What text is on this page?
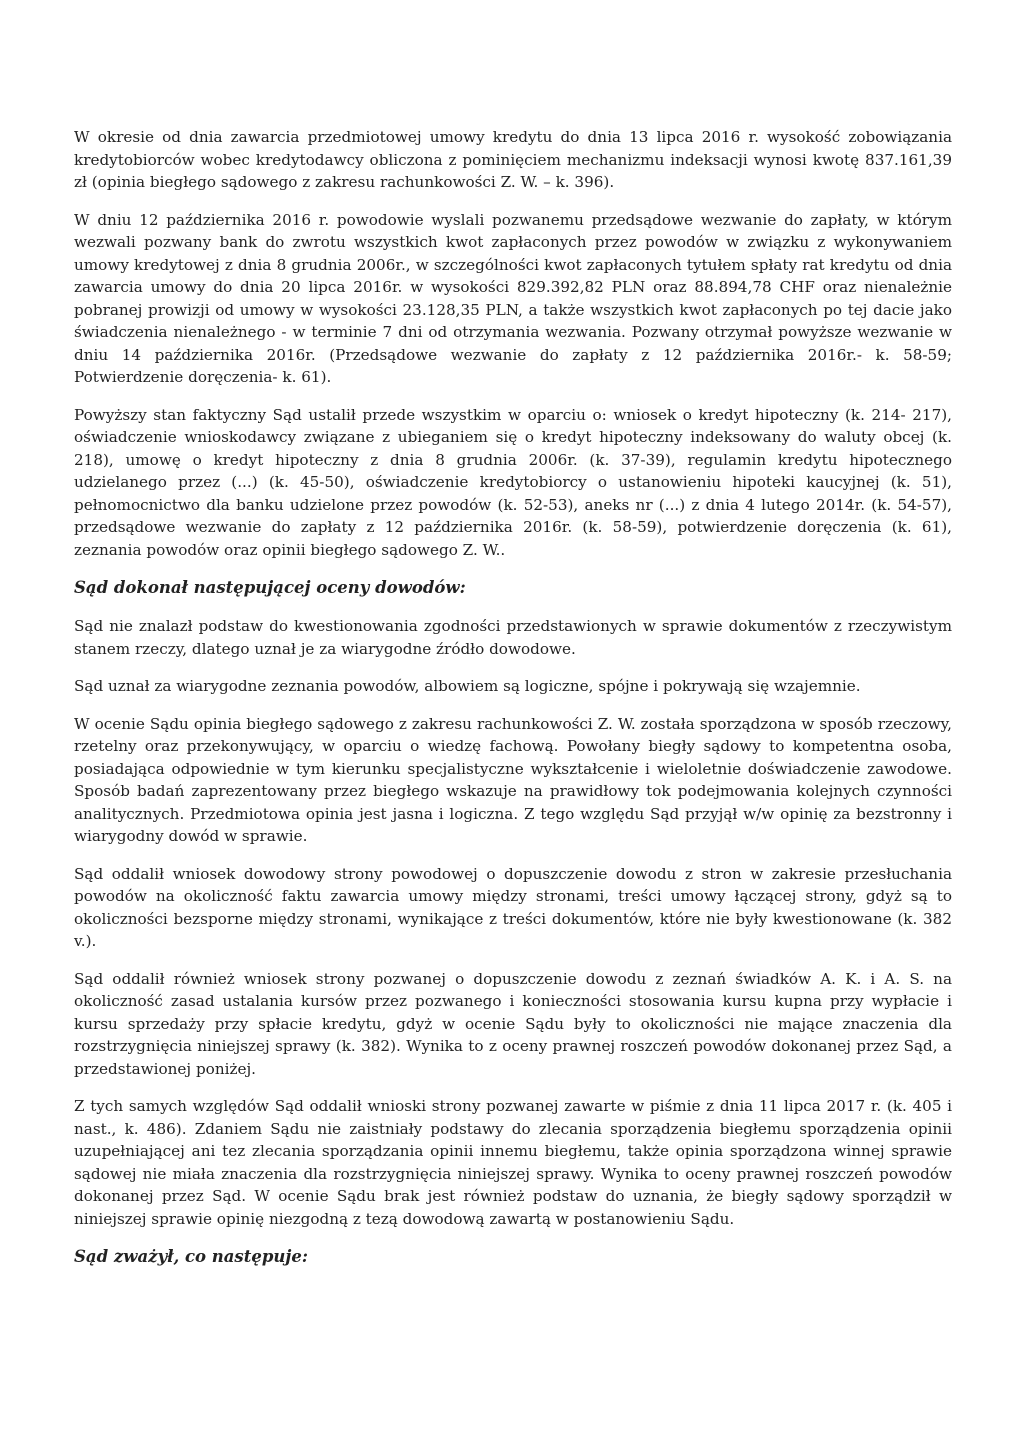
W okresie od dnia zawarcia przedmiotowej umowy kredytu do dnia 13 lipca 2016 r. wysokość zobowiązania kredytobiorców wobec kredytodawcy obliczona z pominięciem mechanizmu indeksacji wynosi kwotę 837.161,39 zł (opinia biegłego sądowego z zakresu rachunkowości Z. W. – k. 396).

W dniu 12 października 2016 r. powodowie wyslali pozwanemu przedsądowe wezwanie do zapłaty, w którym wezwali pozwany bank do zwrotu wszystkich kwot zapłaconych przez powodów w związku z wykonywaniem umowy kredytowej z dnia 8 grudnia 2006r., w szczególności kwot zapłaconych tytułem spłaty rat kredytu od dnia zawarcia umowy do dnia 20 lipca 2016r. w wysokości 829.392,82 PLN oraz 88.894,78 CHF oraz nienależnie pobranej prowizji od umowy w wysokości 23.128,35 PLN, a także wszystkich kwot zapłaconych po tej dacie jako świadczenia nienależnego - w terminie 7 dni od otrzymania wezwania. Pozwany otrzymał powyższe wezwanie w dniu 14 października 2016r. (Przedsądowe wezwanie do zapłaty z 12 października 2016r.- k. 58-59; Potwierdzenie doręczenia- k. 61).

Powyższy stan faktyczny Sąd ustalił przede wszystkim w oparciu o: wniosek o kredyt hipoteczny (k. 214- 217), oświadczenie wnioskodawcy związane z ubieganiem się o kredyt hipoteczny indeksowany do waluty obcej (k. 218), umowę o kredyt hipoteczny z dnia 8 grudnia 2006r. (k. 37-39), regulamin kredytu hipotecznego udzielanego przez (...) (k. 45-50), oświadczenie kredytobiorcy o ustanowieniu hipoteki kaucyjnej (k. 51), pełnomocnictwo dla banku udzielone przez powodów (k. 52-53), aneks nr (...) z dnia 4 lutego 2014r. (k. 54-57), przedsądowe wezwanie do zapłaty z 12 października 2016r. (k. 58-59), potwierdzenie doręczenia (k. 61), zeznania powodów oraz opinii biegłego sądowego Z. W..

Sąd dokonał następującej oceny dowodów:

Sąd nie znalazł podstaw do kwestionowania zgodności przedstawionych w sprawie dokumentów z rzeczywistym stanem rzeczy, dlatego uznał je za wiarygodne źródło dowodowe.

Sąd uznał za wiarygodne zeznania powodów, albowiem są logiczne, spójne i pokrywają się wzajemnie.

W ocenie Sądu opinia biegłego sądowego z zakresu rachunkowości Z. W. została sporządzona w sposób rzeczowy, rzetelny oraz przekonywujący, w oparciu o wiedzę fachową. Powołany biegły sądowy to kompetentna osoba, posiadająca odpowiednie w tym kierunku specjalistyczne wykształcenie i wieloletnie doświadczenie zawodowe. Sposób badań zaprezentowany przez biegłego wskazuje na prawidłowy tok podejmowania kolejnych czynności analitycznych. Przedmiotowa opinia jest jasna i logiczna. Z tego względu Sąd przyjął w/w opinię za bezstronny i wiarygodny dowód w sprawie.

Sąd oddalił wniosek dowodowy strony powodowej o dopuszczenie dowodu z stron w zakresie przesłuchania powodów na okoliczność faktu zawarcia umowy między stronami, treści umowy łączącej strony, gdyż są to okoliczności bezsporne między stronami, wynikające z treści dokumentów, które nie były kwestionowane (k. 382 v.).

Sąd oddalił również wniosek strony pozwanej o dopuszczenie dowodu z zeznań świadków A. K. i A. S. na okoliczność zasad ustalania kursów przez pozwanego i konieczności stosowania kursu kupna przy wypłacie i kursu sprzedaży przy spłacie kredytu, gdyż w ocenie Sądu były to okoliczności nie mające znaczenia dla rozstrzygnięcia niniejszej sprawy (k. 382). Wynika to z oceny prawnej roszczeń powodów dokonanej przez Sąd, a przedstawionej poniżej.

Z tych samych względów Sąd oddalił wnioski strony pozwanej zawarte w piśmie z dnia 11 lipca 2017 r. (k. 405 i nast., k. 486). Zdaniem Sądu nie zaistniały podstawy do zlecania sporządzenia biegłemu sporządzenia opinii uzupełniającej ani tez zlecania sporządzania opinii innemu biegłemu, także opinia sporządzona winnej sprawie sądowej nie miała znaczenia dla rozstrzygnięcia niniejszej sprawy. Wynika to oceny prawnej roszczeń powodów dokonanej przez Sąd. W ocenie Sądu brak jest również podstaw do uznania, że biegły sądowy sporządził w niniejszej sprawie opinię niezgodną z tezą dowodową zawartą w postanowieniu Sądu.

Sąd zważył, co następuje:
